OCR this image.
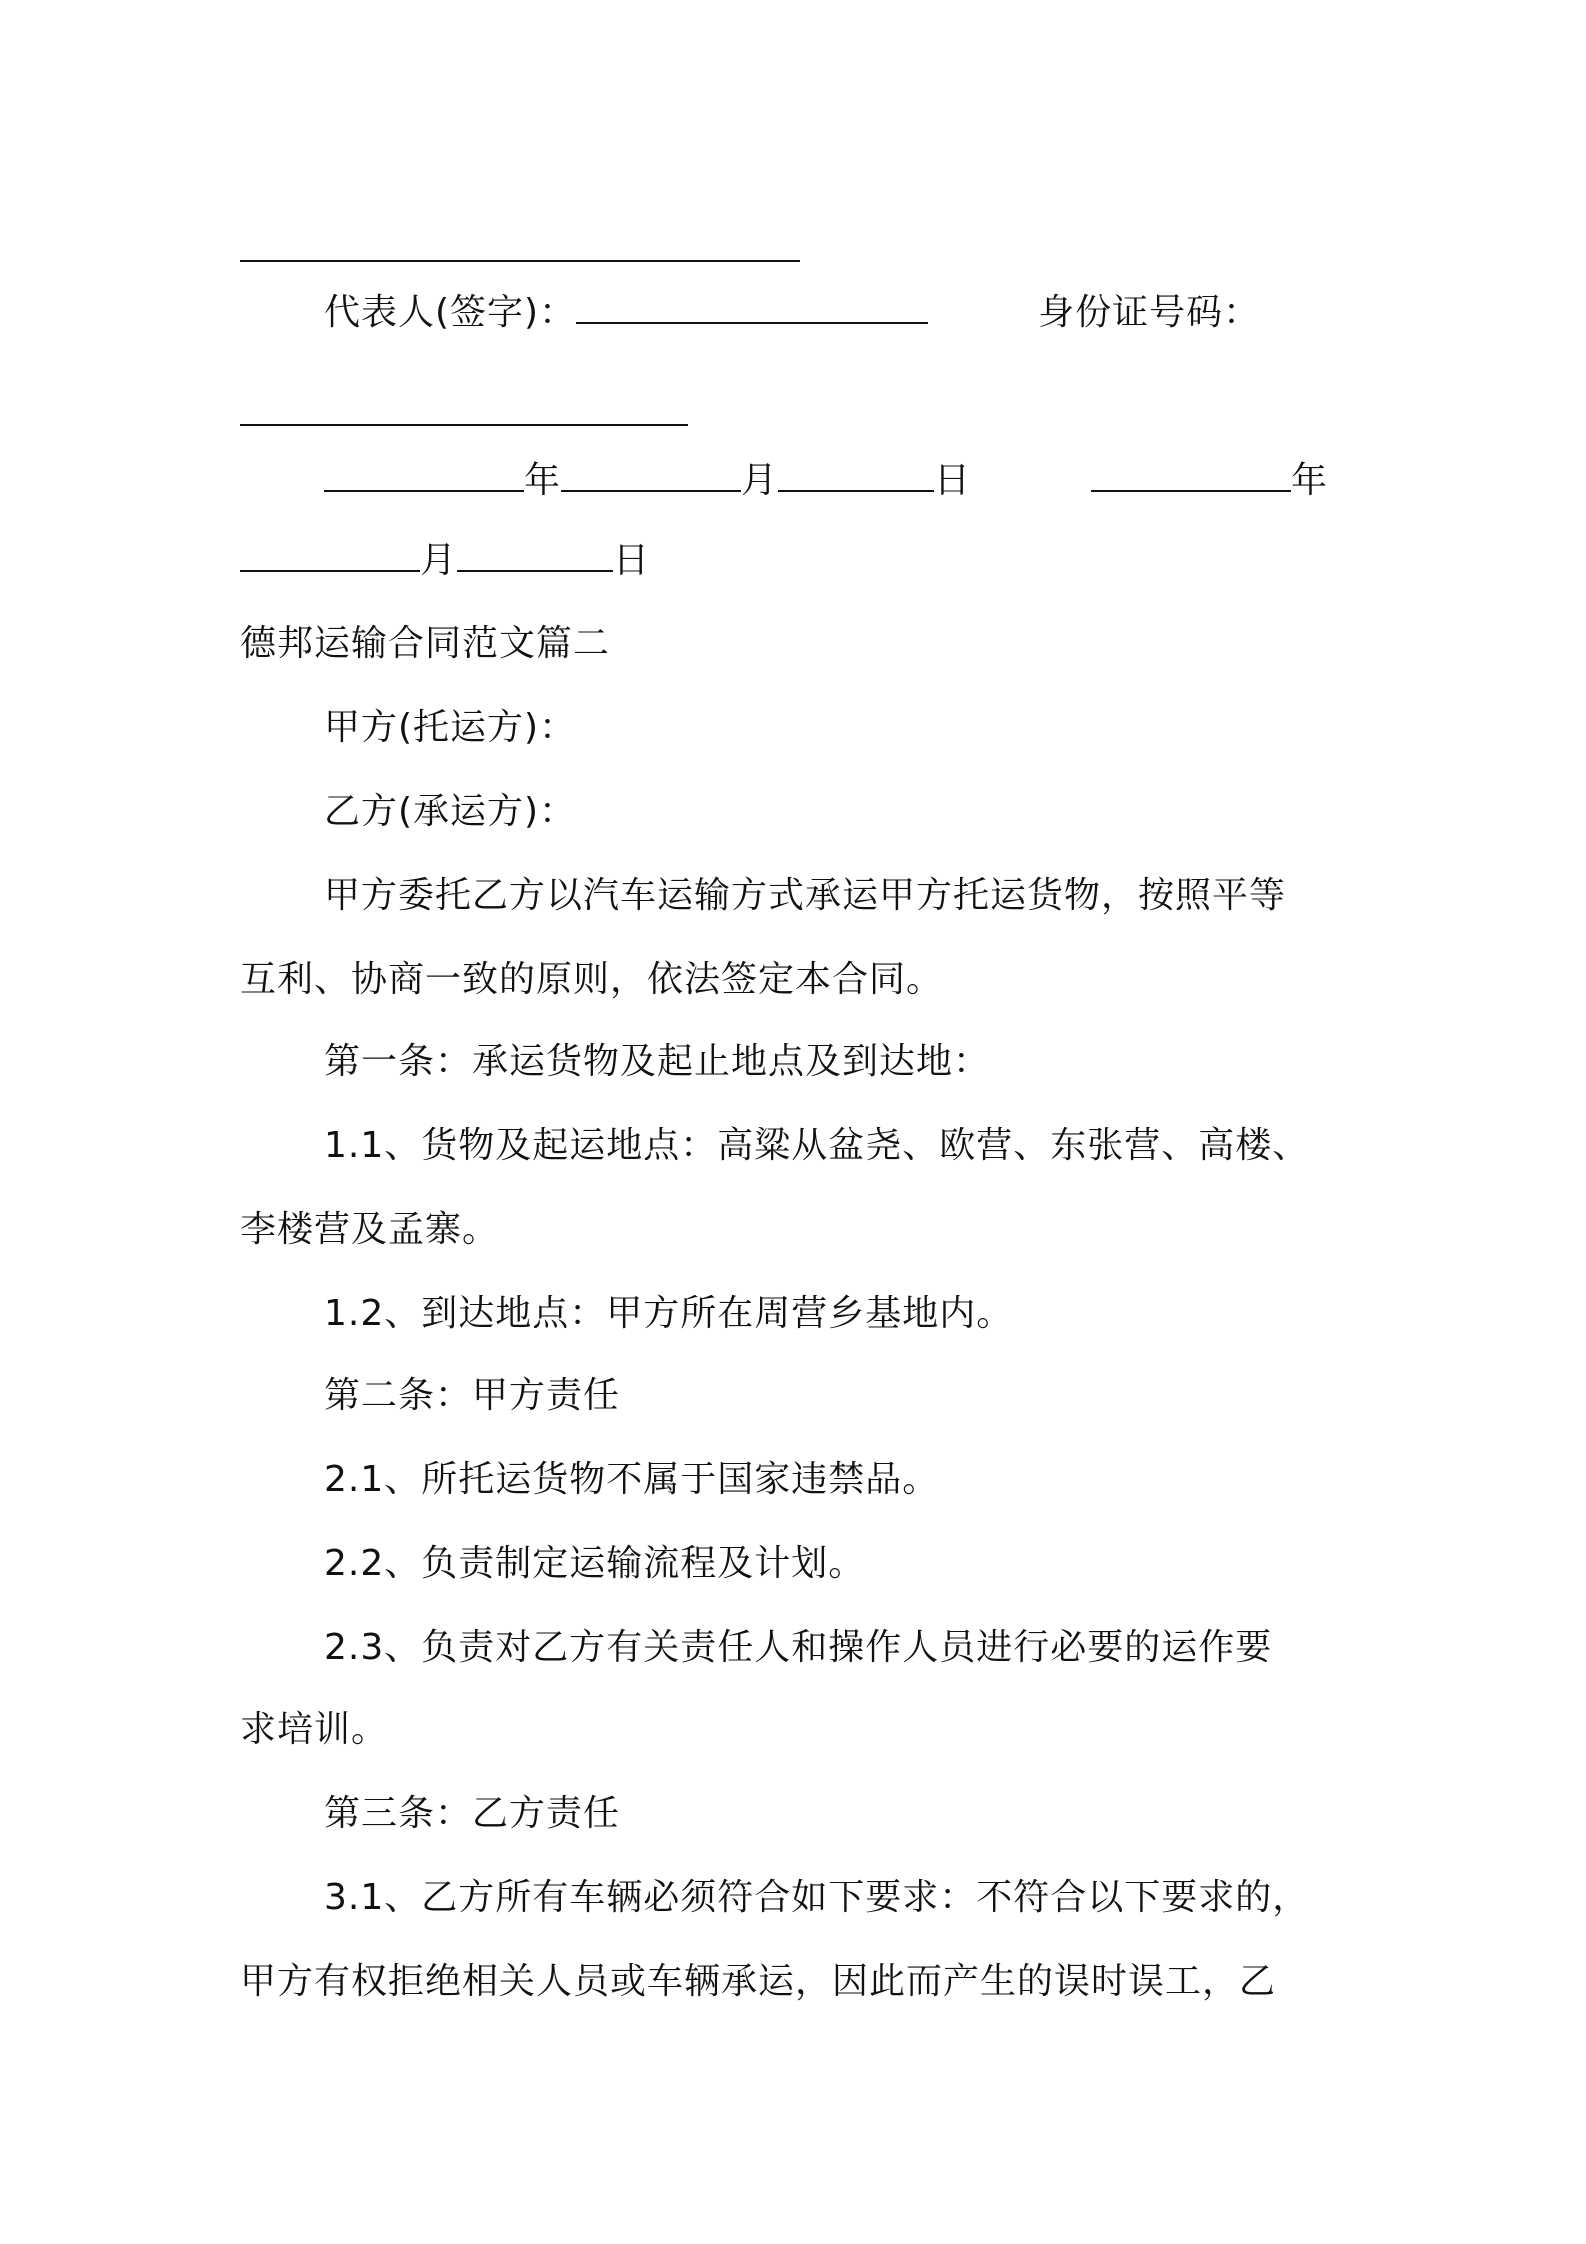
代表人(签字)：	身份证号码：
年	月	日	年
月	日
德邦运输合同范文篇二
甲方(托运方)：
乙方(承运方)：
甲方委托乙方以汽车运输方式承运甲方托运货物，按照平等
互利、协商一致的原则，依法签定本合同。
第一条：承运货物及起止地点及到达地：
1.1、货物及起运地点：高粱从盆尧、欧营、东张营、高楼、
李楼营及孟寨。
1.2、到达地点：甲方所在周营乡基地内。
第二条：甲方责任
2.1、所托运货物不属于国家违禁品。
2.2、负责制定运输流程及计划。
2.3、负责对乙方有关责任人和操作人员进行必要的运作要
求培训。
第三条：乙方责任
3.1、乙方所有车辆必须符合如下要求：不符合以下要求的，
甲方有权拒绝相关人员或车辆承运，因此而产生的误时误工，乙
